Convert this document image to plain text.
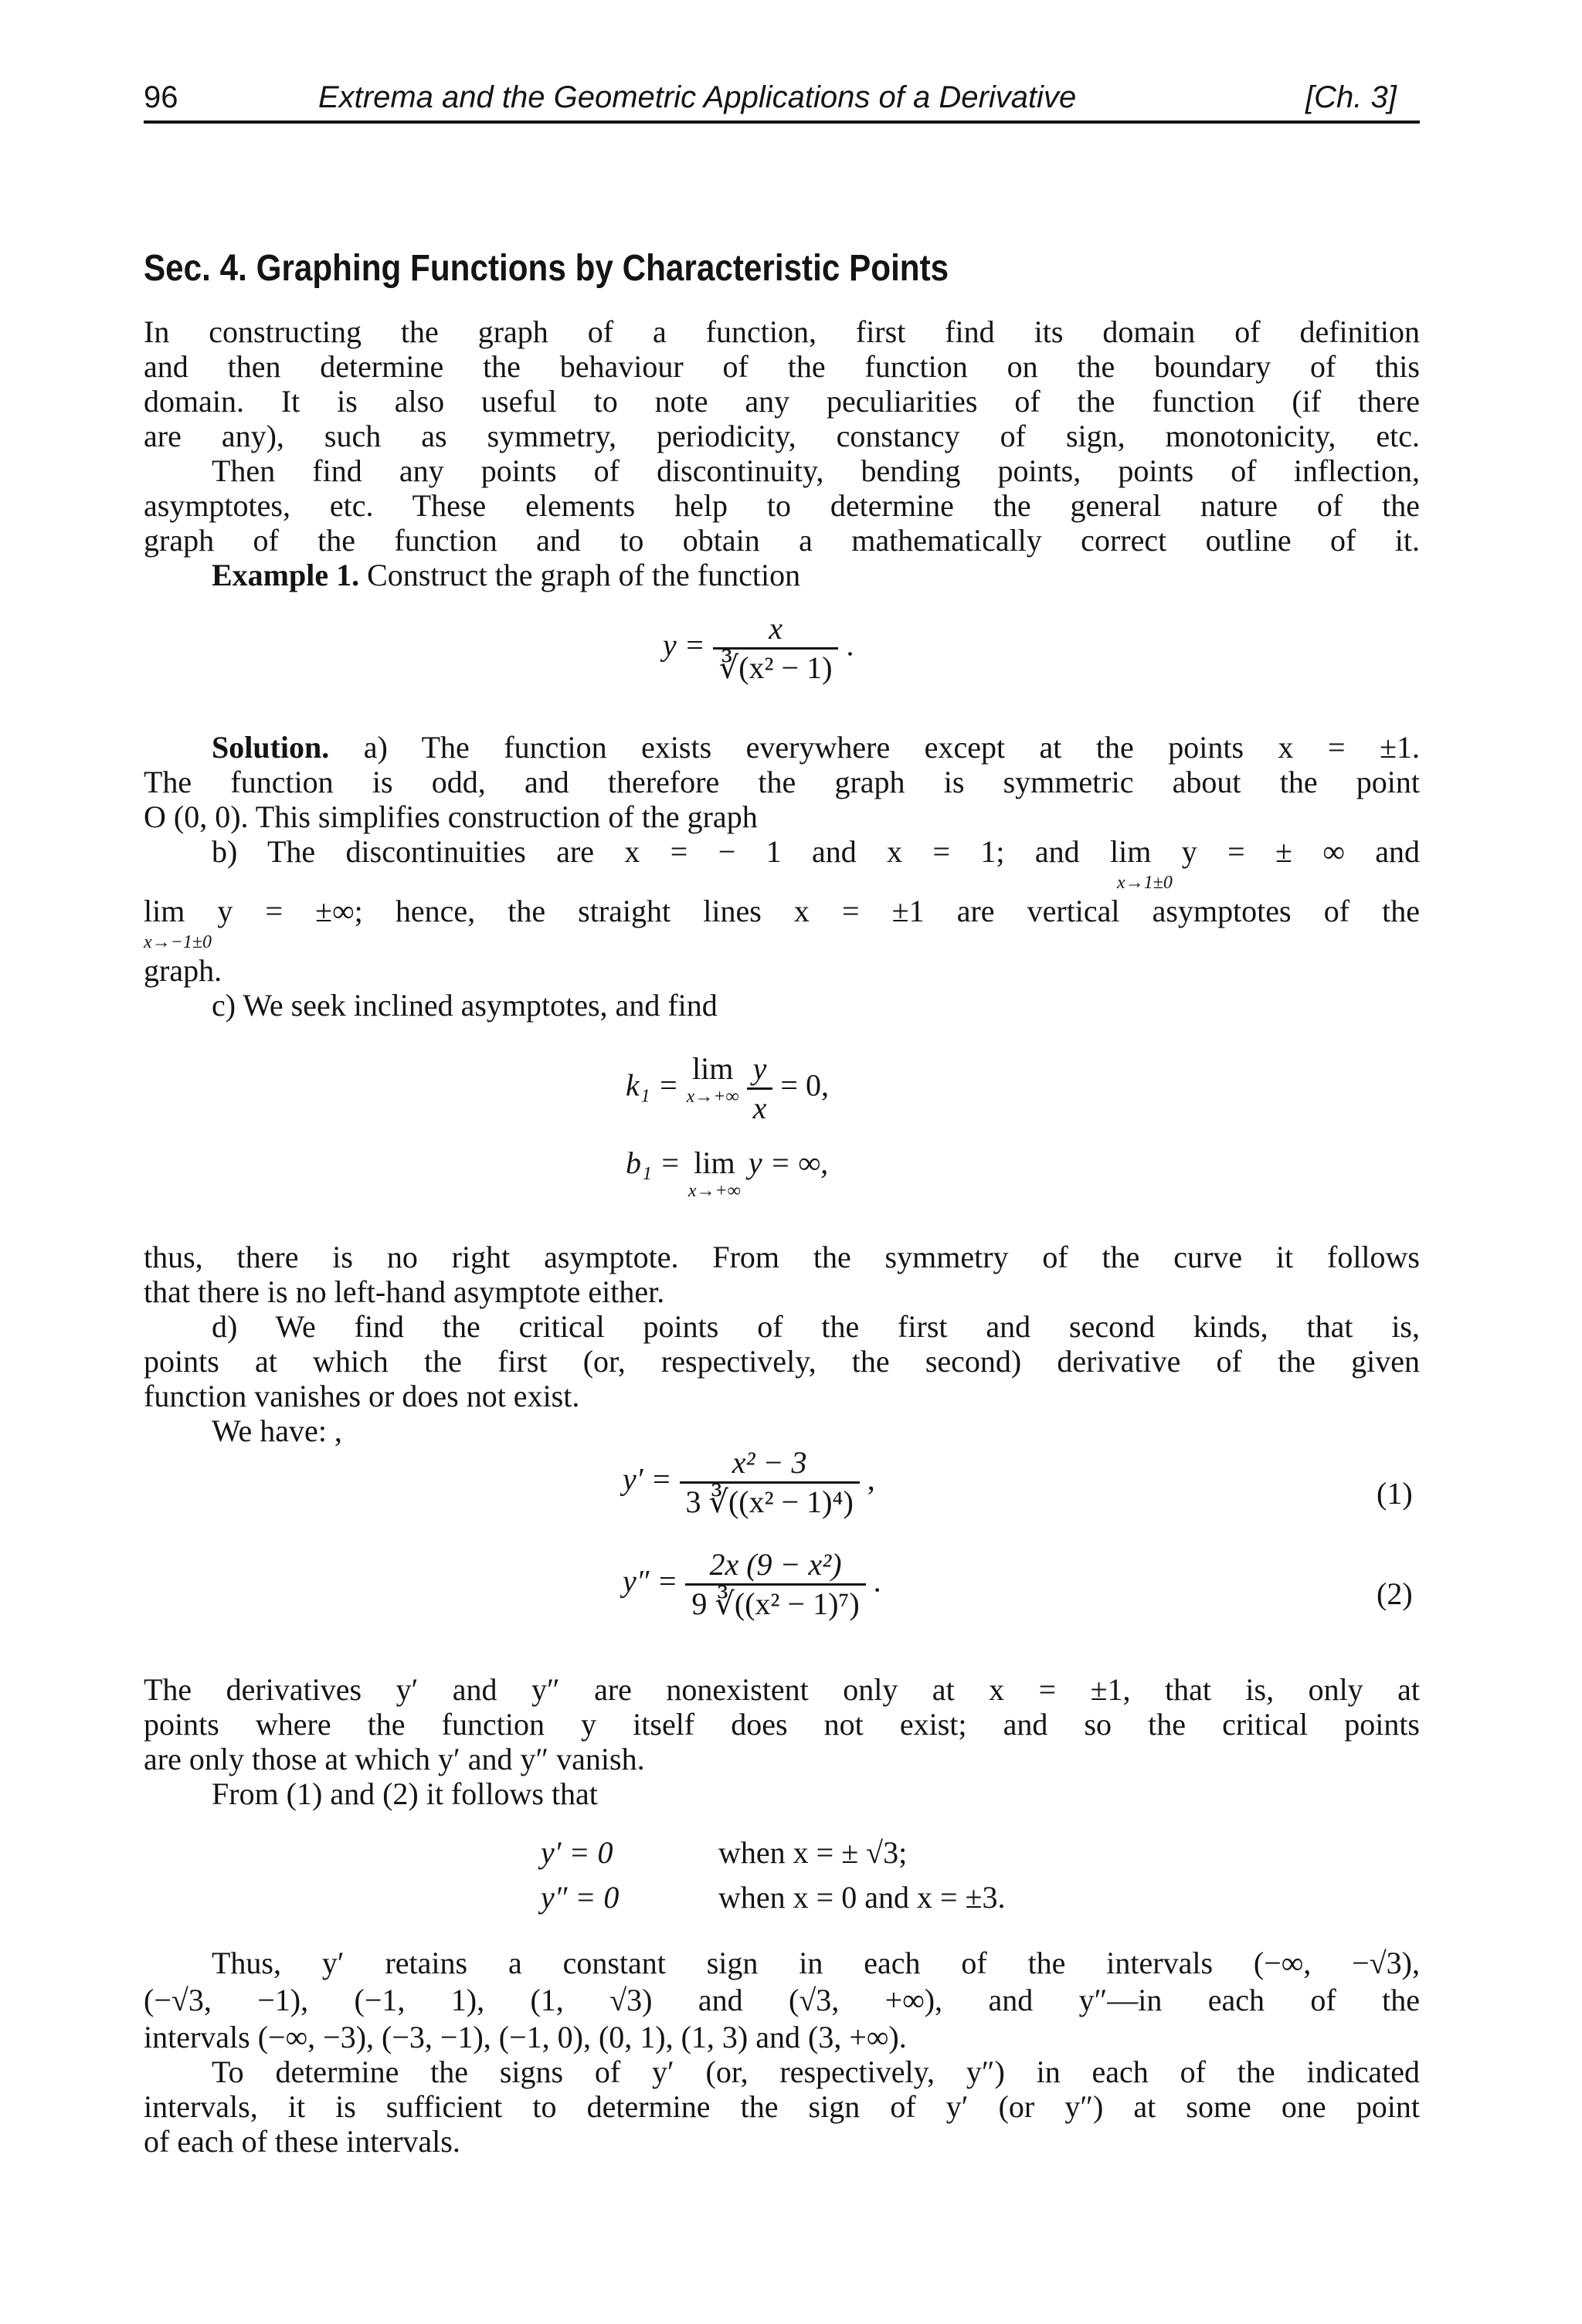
96	Extrema and the Geometric Applications of a Derivative	[Ch. 3]
Sec. 4. Graphing Functions by Characteristic Points
In constructing the graph of a function, first find its domain of definition
and then determine the behaviour of the function on the boundary of this
domain. It is also useful to note any peculiarities of the function (if there
are any), such as symmetry, periodicity, constancy of sign, monotonicity, etc.
Then find any points of discontinuity, bending points, points of inflection,
asymptotes, etc. These elements help to determine the general nature of the
graph of the function and to obtain a mathematically correct outline of it.
Example 1. Construct the graph of the function
$y = \frac{x}{\text{∛(x² − 1)}}$ .
Solution. a) The function exists everywhere except at the points x = ±1.
The function is odd, and therefore the graph is symmetric about the point
O (0, 0). This simplifies construction of the graph
b) The discontinuities are x = − 1 and x = 1; and lim y = ± ∞ and
x→1±0
lim y = ±∞; hence, the straight lines x = ±1 are vertical asymptotes of the
x→−1±0
graph.
c) We seek inclined asymptotes, and find
k₁ = lim
x→+∞
$\frac{y}{x} = 0$,
b₁ = lim
x→+∞
y = ∞,
thus, there is no right asymptote. From the symmetry of the curve it follows
that there is no left-hand asymptote either.
d) We find the critical points of the first and second kinds, that is,
points at which the first (or, respectively, the second) derivative of the given
function vanishes or does not exist.
We have: ,
$y' = \frac{\text{x² − 3}}{\text{3 ∛((x² − 1)⁴)}}$ ,	(1)
$y'' = \frac{\text{2x (9 − x²)}}{\text{9 ∛((x² − 1)⁷)}}$ .	(2)
The derivatives y′ and y″ are nonexistent only at x = ±1, that is, only at
points where the function y itself does not exist; and so the critical points
are only those at which y′ and y″ vanish.
From (1) and (2) it follows that
y′ = 0	when x = ± √3;
y″ = 0	when x = 0 and x = ±3.
Thus, y′ retains a constant sign in each of the intervals (−∞, −√3),
(−√3, −1), (−1, 1), (1, √3) and (√3, +∞), and y″—in each of the
intervals (−∞, −3), (−3, −1), (−1, 0), (0, 1), (1, 3) and (3, +∞).
To determine the signs of y′ (or, respectively, y″) in each of the indicated
intervals, it is sufficient to determine the sign of y′ (or y″) at some one point
of each of these intervals.
